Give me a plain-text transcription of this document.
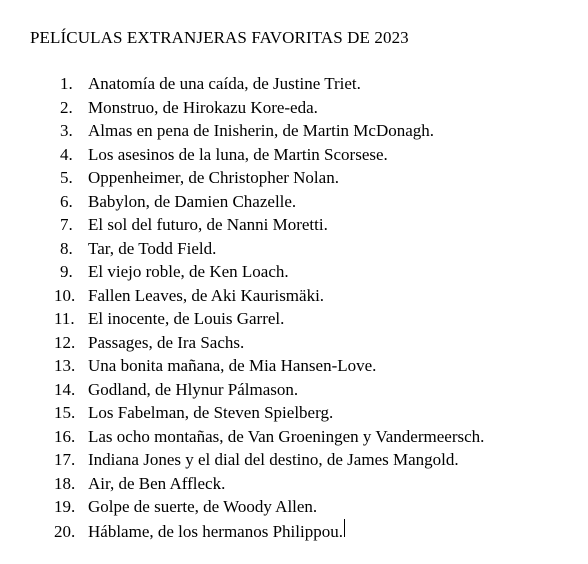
PELÍCULAS EXTRANJERAS FAVORITAS DE 2023
1. Anatomía de una caída, de Justine Triet.
2. Monstruo, de Hirokazu Kore-eda.
3. Almas en pena de Inisherin, de Martin McDonagh.
4. Los asesinos de la luna, de Martin Scorsese.
5. Oppenheimer, de Christopher Nolan.
6. Babylon, de Damien Chazelle.
7. El sol del futuro, de Nanni Moretti.
8. Tar, de Todd Field.
9. El viejo roble, de Ken Loach.
10. Fallen Leaves, de Aki Kaurismäki.
11. El inocente, de Louis Garrel.
12. Passages, de Ira Sachs.
13. Una bonita mañana, de Mia Hansen-Love.
14. Godland, de Hlynur Pálmason.
15. Los Fabelman, de Steven Spielberg.
16. Las ocho montañas, de Van Groeningen y Vandermeersch.
17. Indiana Jones y el dial del destino, de James Mangold.
18. Air, de Ben Affleck.
19. Golpe de suerte, de Woody Allen.
20. Háblame, de los hermanos Philippou.
